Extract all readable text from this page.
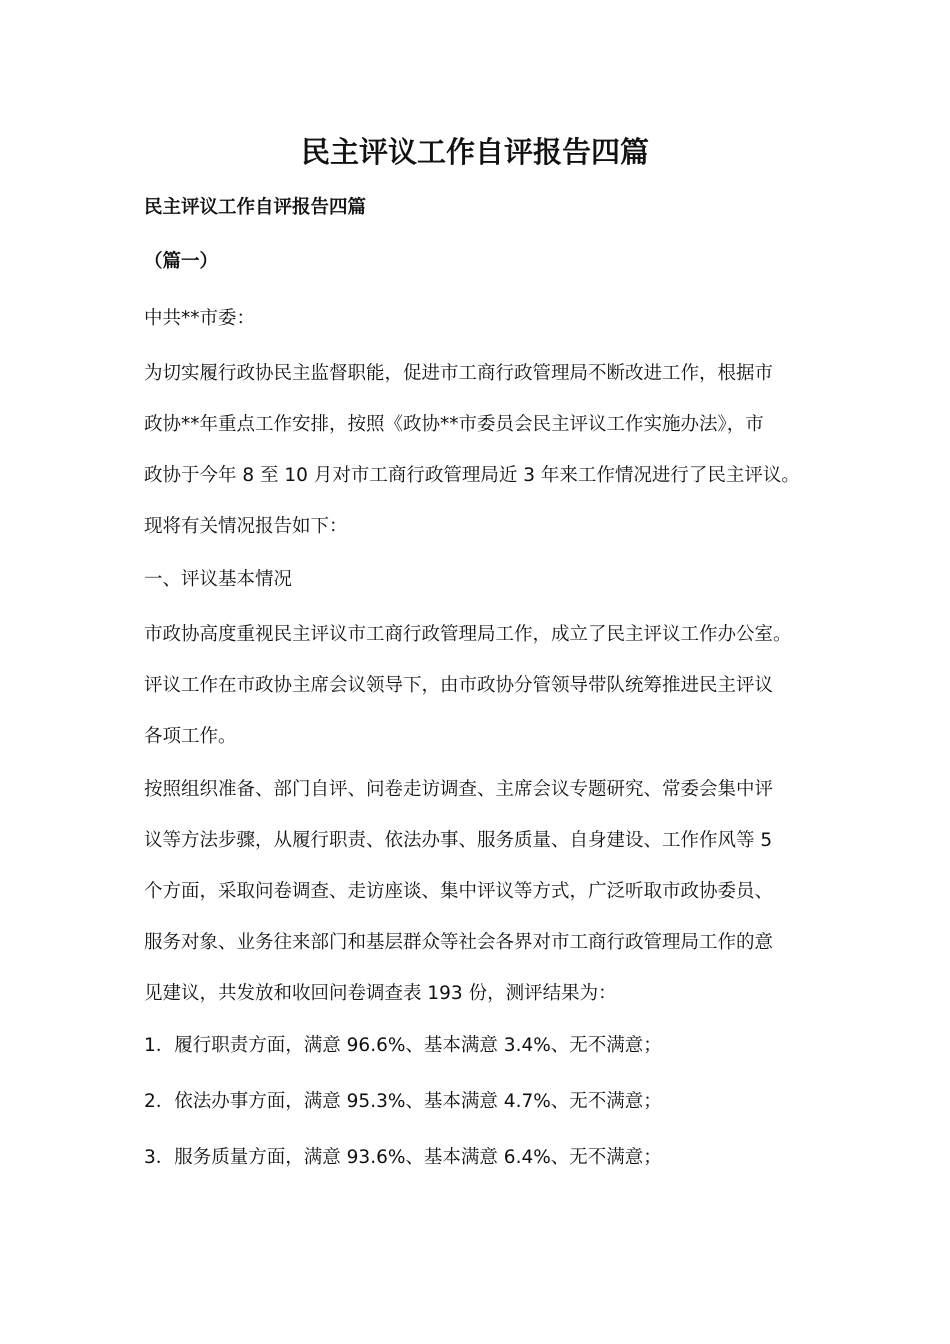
民主评议工作自评报告四篇

民主评议工作自评报告四篇

（篇一）

中共**市委：

为切实履行政协民主监督职能，促进市工商行政管理局不断改进工作，根据市
政协**年重点工作安排，按照《政协**市委员会民主评议工作实施办法》，市
政协于今年 8 至 10 月对市工商行政管理局近 3 年来工作情况进行了民主评议。
现将有关情况报告如下：

一、评议基本情况

市政协高度重视民主评议市工商行政管理局工作，成立了民主评议工作办公室。
评议工作在市政协主席会议领导下，由市政协分管领导带队统筹推进民主评议
各项工作。
按照组织准备、部门自评、问卷走访调查、主席会议专题研究、常委会集中评
议等方法步骤，从履行职责、依法办事、服务质量、自身建设、工作作风等 5
个方面，采取问卷调查、走访座谈、集中评议等方式，广泛听取市政协委员、
服务对象、业务往来部门和基层群众等社会各界对市工商行政管理局工作的意
见建议，共发放和收回问卷调查表 193 份，测评结果为：
1．履行职责方面，满意 96.6%、基本满意 3.4%、无不满意；
2．依法办事方面，满意 95.3%、基本满意 4.7%、无不满意；
3．服务质量方面，满意 93.6%、基本满意 6.4%、无不满意；
